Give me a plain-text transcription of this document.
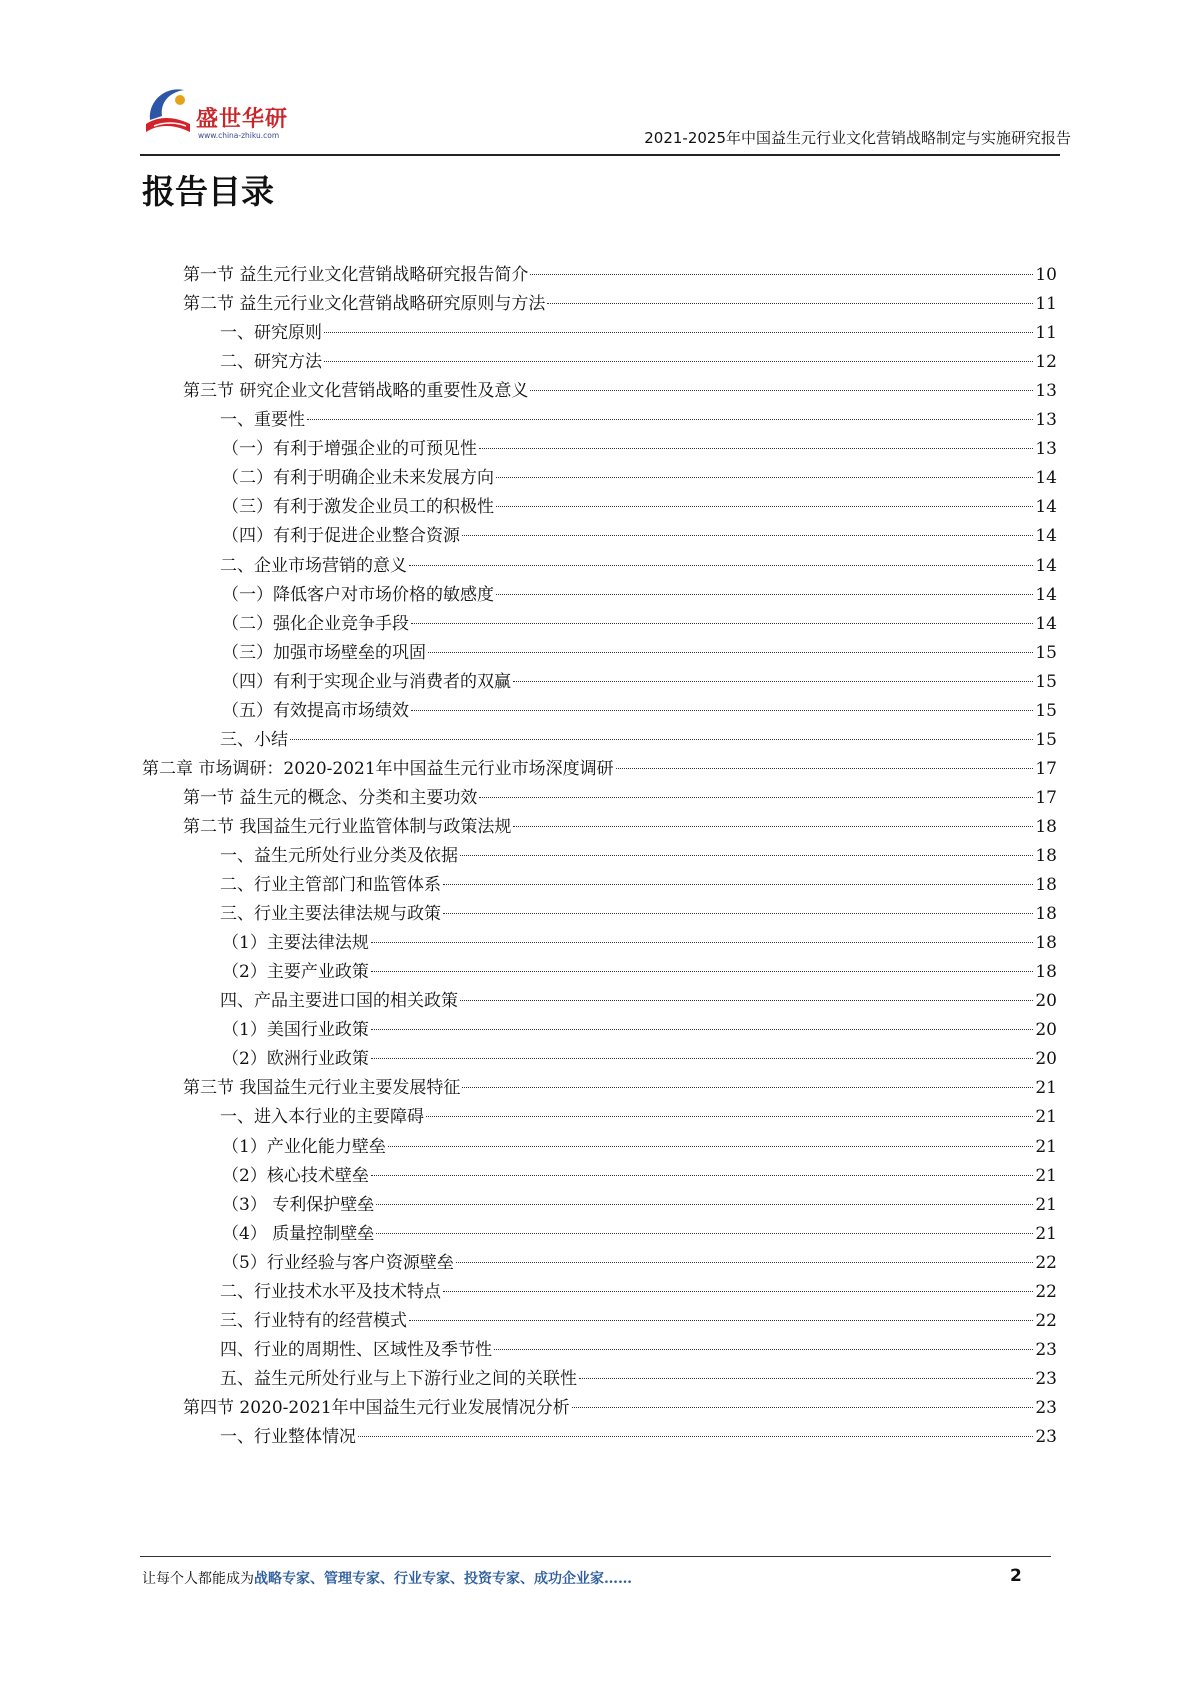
盛世华研
www.china-zhiku.com	2021-2025年中国益生元行业文化营销战略制定与实施研究报告
报告目录
第一节 益生元行业文化营销战略研究报告简介	10
第二节 益生元行业文化营销战略研究原则与方法	11
一、研究原则	11
二、研究方法	12
第三节 研究企业文化营销战略的重要性及意义	13
一、重要性	13
（一）有利于增强企业的可预见性	13
（二）有利于明确企业未来发展方向	14
（三）有利于激发企业员工的积极性	14
（四）有利于促进企业整合资源	14
二、企业市场营销的意义	14
（一）降低客户对市场价格的敏感度	14
（二）强化企业竞争手段	14
（三）加强市场壁垒的巩固	15
（四）有利于实现企业与消费者的双赢	15
（五）有效提高市场绩效	15
三、小结	15
第二章 市场调研：2020-2021年中国益生元行业市场深度调研	17
第一节 益生元的概念、分类和主要功效	17
第二节 我国益生元行业监管体制与政策法规	18
一、益生元所处行业分类及依据	18
二、行业主管部门和监管体系	18
三、行业主要法律法规与政策	18
（1）主要法律法规	18
（2）主要产业政策	18
四、产品主要进口国的相关政策	20
（1）美国行业政策	20
（2）欧洲行业政策	20
第三节 我国益生元行业主要发展特征	21
一、进入本行业的主要障碍	21
（1）产业化能力壁垒	21
（2）核心技术壁垒	21
（3） 专利保护壁垒	21
（4） 质量控制壁垒	21
（5）行业经验与客户资源壁垒	22
二、行业技术水平及技术特点	22
三、行业特有的经营模式	22
四、行业的周期性、区域性及季节性	23
五、益生元所处行业与上下游行业之间的关联性	23
第四节 2020-2021年中国益生元行业发展情况分析	23
一、行业整体情况	23
让每个人都能成为战略专家、管理专家、行业专家、投资专家、成功企业家……	2
